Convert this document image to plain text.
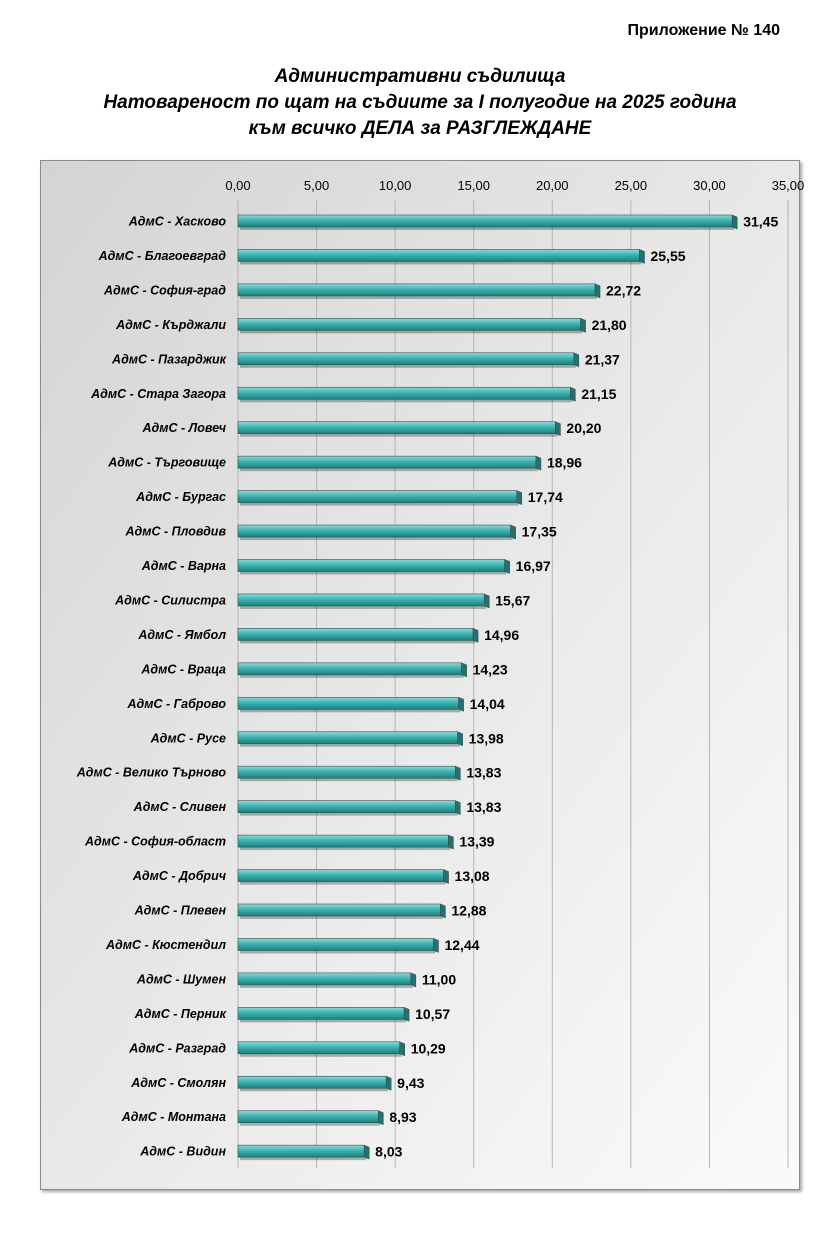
Приложение № 140
Административни съдилища
Натовареност по щат на съдиите за I полугодие на 2025 година
към всичко ДЕЛА за РАЗГЛЕЖДАНЕ
0,00	5,00	10,00	15,00	20,00	25,00	30,00	35,00
АдмС - Хасково
АдмС - Благоевград
АдмС - София-град
АдмС - Кърджали
АдмС - Пазарджик
АдмС - Стара Загора
АдмС - Ловеч
АдмС - Търговище
АдмС - Бургас
АдмС - Пловдив
АдмС - Варна
АдмС - Силистра
АдмС - Ямбол
АдмС - Враца
АдмС - Габрово
АдмС - Русе
АдмС - Велико Търново
АдмС - Сливен
АдмС - София-област
АдмС - Добрич
АдмС - Плевен
АдмС - Кюстендил
АдмС - Шумен
АдмС - Перник
АдмС - Разград
АдмС - Смолян
АдмС - Монтана
АдмС - Видин
31,45
25,55
22,72
21,80
21,37
21,15
20,20
18,96
17,74
17,35
16,97
15,67
14,96
14,23
14,04
13,98
13,83
13,83
13,39
13,08
12,88
12,44
11,00
10,57
10,29
9,43
8,93
8,03
